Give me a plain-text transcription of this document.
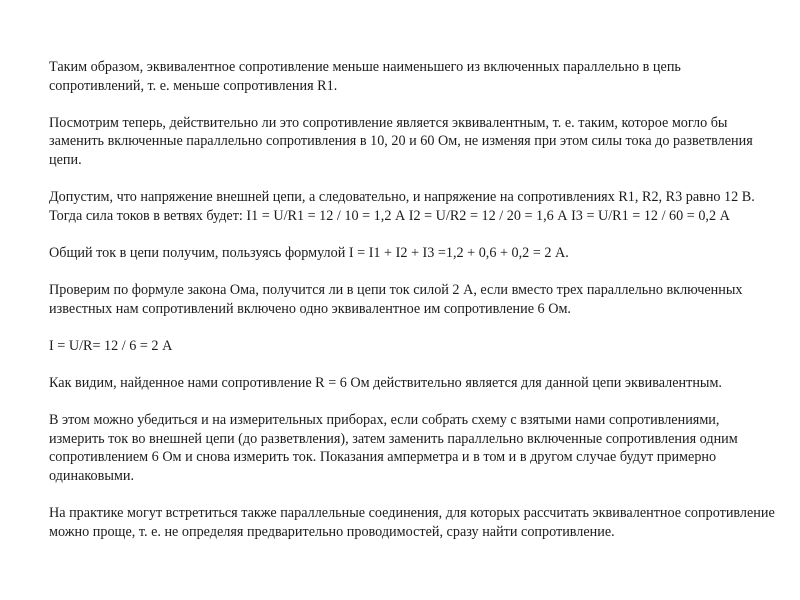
Таким образом, эквивалентное сопротивление меньше наименьшего из включенных параллельно в цепь сопротивлений, т. е. меньше сопротивления R1.

Посмотрим теперь, действительно ли это сопротивление является эквивалентным, т. е. таким, которое могло бы заменить включенные параллельно сопротивления в 10, 20 и 60 Ом, не изменяя при этом силы тока до разветвления цепи.

Допустим, что напряжение внешней цепи, а следовательно, и напряжение на сопротивлениях R1, R2, R3 равно 12 В. Тогда сила токов в ветвях будет: I1 = U/R1 = 12 / 10 = 1,2 А I2 = U/R2 = 12 / 20 = 1,6 А I3 = U/R1 = 12 / 60 = 0,2 А

Общий ток в цепи получим, пользуясь формулой I = I1 + I2 + I3 =1,2 + 0,6 + 0,2 = 2 А.

Проверим по формуле закона Ома, получится ли в цепи ток силой 2 А, если вместо трех параллельно включенных известных нам сопротивлений включено одно эквивалентное им сопротивление 6 Ом.

I = U/R= 12 / 6 = 2 А

Как видим, найденное нами сопротивление R = 6 Ом действительно является для данной цепи эквивалентным.

В этом можно убедиться и на измерительных приборах, если собрать схему с взятыми нами сопротивлениями, измерить ток во внешней цепи (до разветвления), затем заменить параллельно включенные сопротивления одним сопротивлением 6 Ом и снова измерить ток. Показания амперметра и в том и в другом случае будут примерно одинаковыми.

На практике могут встретиться также параллельные соединения, для которых рассчитать эквивалентное сопротивление можно проще, т. е. не определяя предварительно проводимостей, сразу найти сопротивление.
